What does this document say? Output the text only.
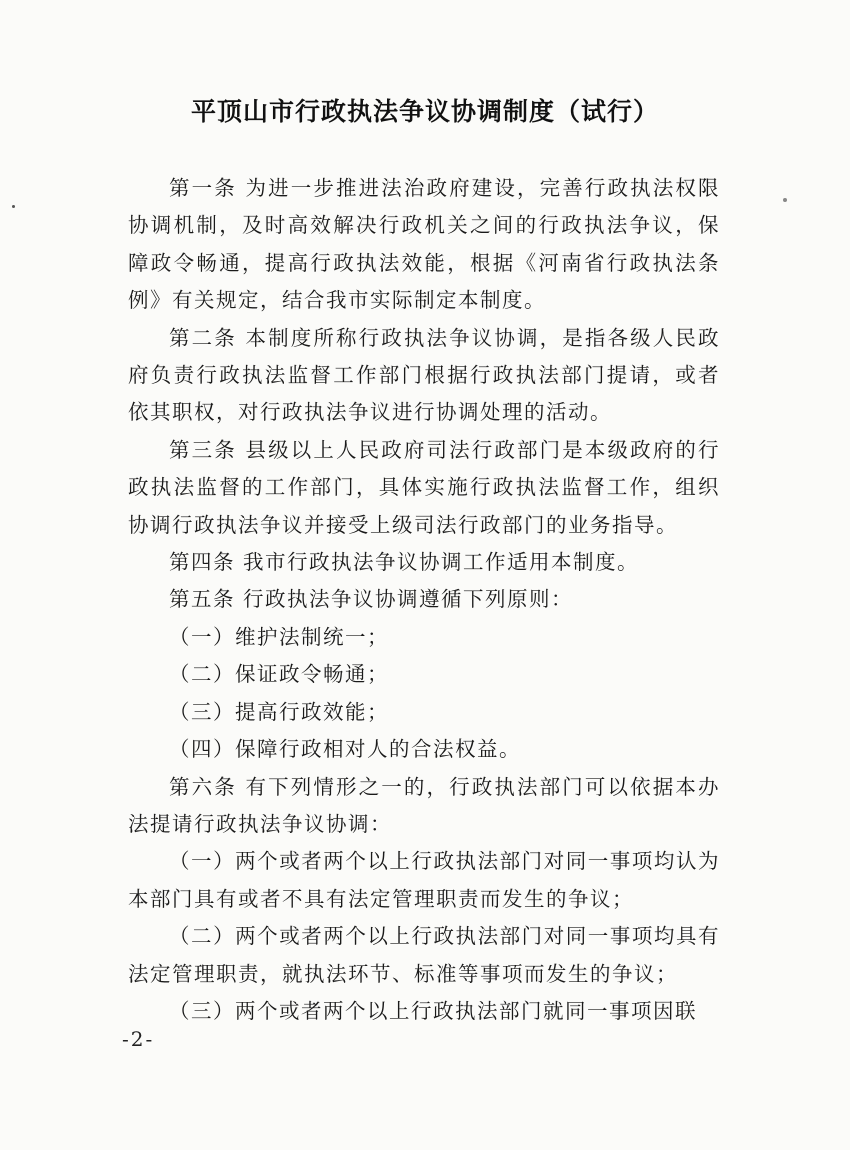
平顶山市行政执法争议协调制度（试行）

第一条 为进一步推进法治政府建设，完善行政执法权限协调机制，及时高效解决行政机关之间的行政执法争议，保障政令畅通，提高行政执法效能，根据《河南省行政执法条例》有关规定，结合我市实际制定本制度。

第二条 本制度所称行政执法争议协调，是指各级人民政府负责行政执法监督工作部门根据行政执法部门提请，或者依其职权，对行政执法争议进行协调处理的活动。

第三条 县级以上人民政府司法行政部门是本级政府的行政执法监督的工作部门，具体实施行政执法监督工作，组织协调行政执法争议并接受上级司法行政部门的业务指导。

第四条 我市行政执法争议协调工作适用本制度。

第五条 行政执法争议协调遵循下列原则：

（一）维护法制统一；

（二）保证政令畅通；

（三）提高行政效能；

（四）保障行政相对人的合法权益。

第六条 有下列情形之一的，行政执法部门可以依据本办法提请行政执法争议协调：

（一）两个或者两个以上行政执法部门对同一事项均认为本部门具有或者不具有法定管理职责而发生的争议；

（二）两个或者两个以上行政执法部门对同一事项均具有法定管理职责，就执法环节、标准等事项而发生的争议；

（三）两个或者两个以上行政执法部门就同一事项因联

-2-
